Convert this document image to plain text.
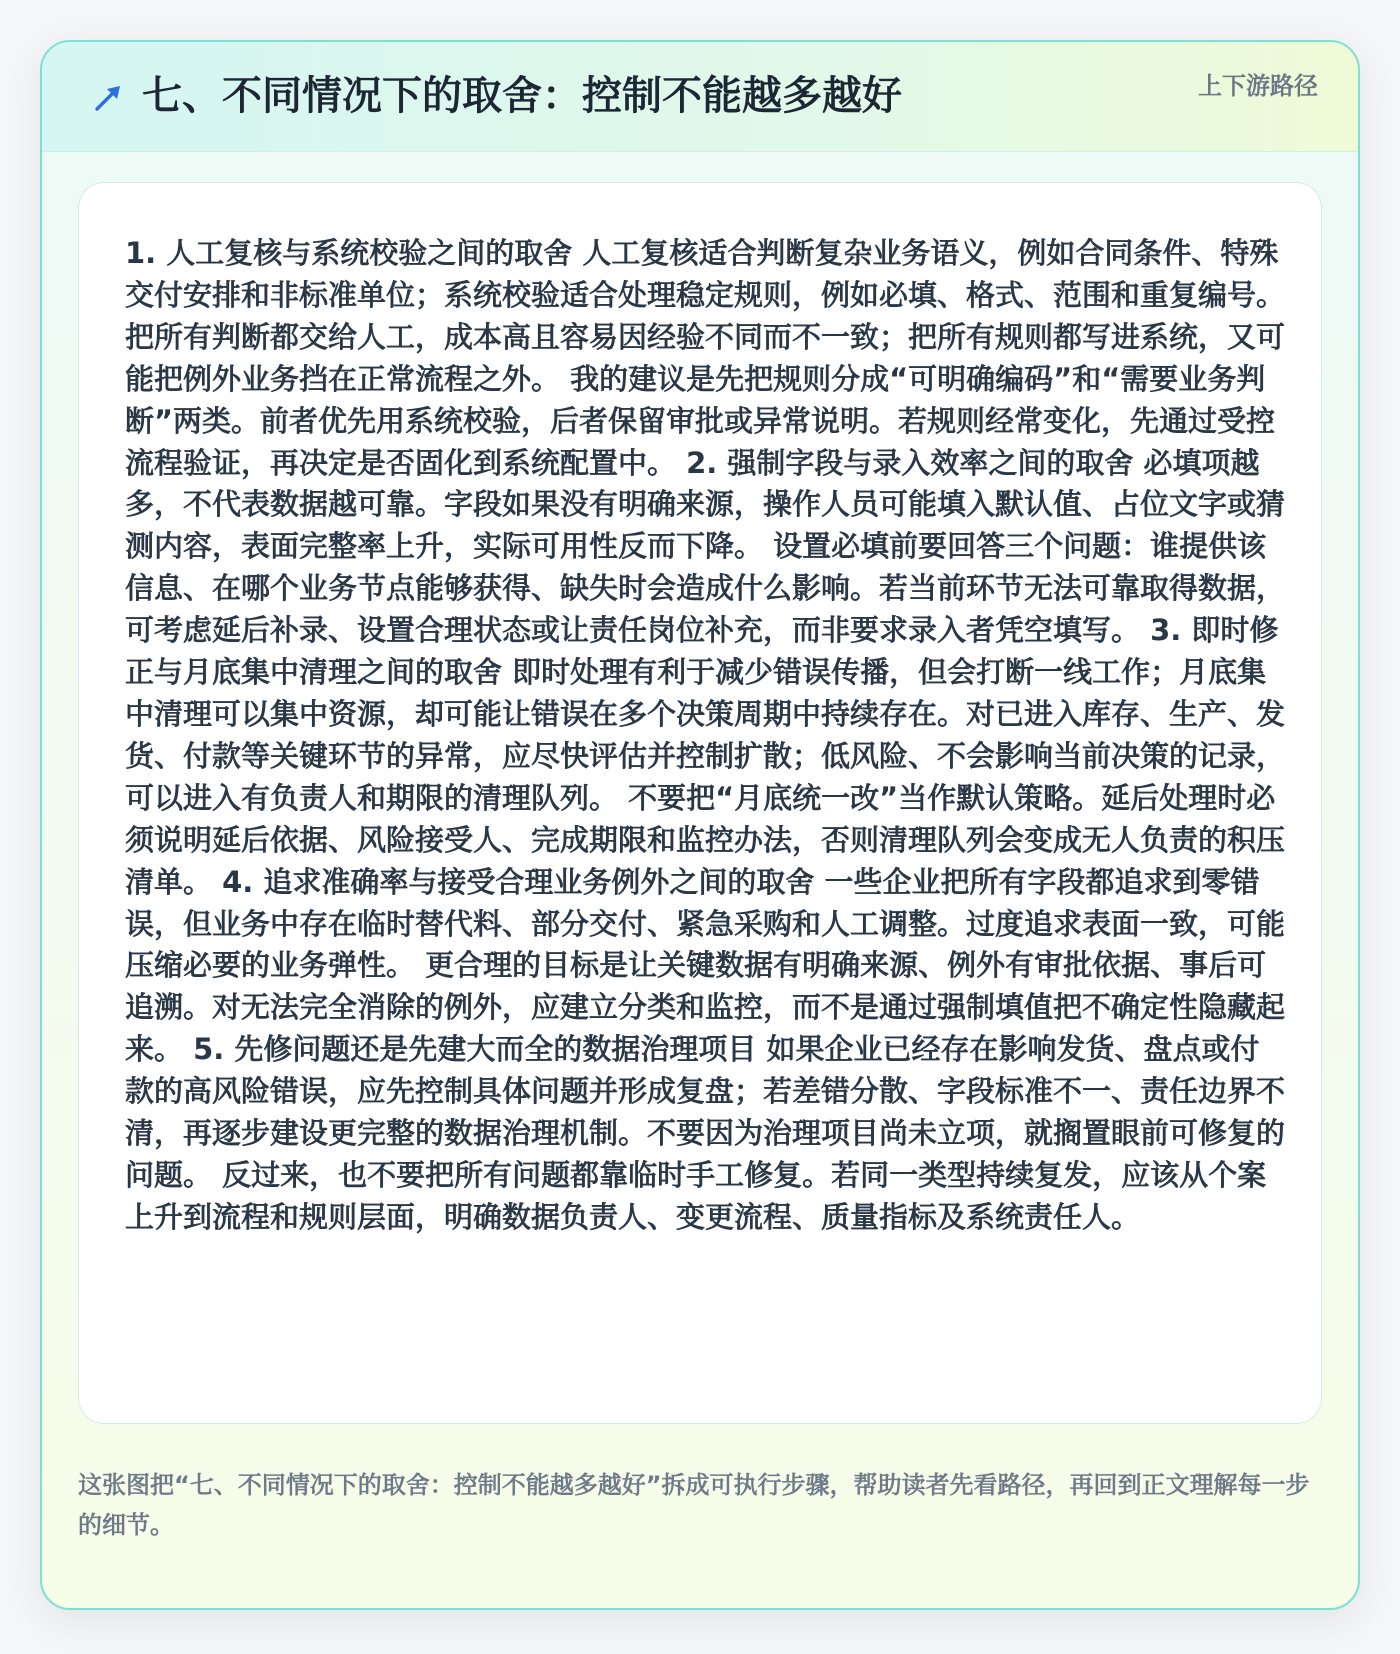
七、不同情况下的取舍：控制不能越多越好	上下游路径
1. 人工复核与系统校验之间的取舍 人工复核适合判断复杂业务语义，例如合同条件、特殊交付安排和非标准单位；系统校验适合处理稳定规则，例如必填、格式、范围和重复编号。把所有判断都交给人工，成本高且容易因经验不同而不一致；把所有规则都写进系统，又可能把例外业务挡在正常流程之外。 我的建议是先把规则分成“可明确编码”和“需要业务判断”两类。前者优先用系统校验，后者保留审批或异常说明。若规则经常变化，先通过受控流程验证，再决定是否固化到系统配置中。 2. 强制字段与录入效率之间的取舍 必填项越多，不代表数据越可靠。字段如果没有明确来源，操作人员可能填入默认值、占位文字或猜测内容，表面完整率上升，实际可用性反而下降。 设置必填前要回答三个问题：谁提供该信息、在哪个业务节点能够获得、缺失时会造成什么影响。若当前环节无法可靠取得数据，可考虑延后补录、设置合理状态或让责任岗位补充，而非要求录入者凭空填写。 3. 即时修正与月底集中清理之间的取舍 即时处理有利于减少错误传播，但会打断一线工作；月底集中清理可以集中资源，却可能让错误在多个决策周期中持续存在。对已进入库存、生产、发货、付款等关键环节的异常，应尽快评估并控制扩散；低风险、不会影响当前决策的记录，可以进入有负责人和期限的清理队列。 不要把“月底统一改”当作默认策略。延后处理时必须说明延后依据、风险接受人、完成期限和监控办法，否则清理队列会变成无人负责的积压清单。 4. 追求准确率与接受合理业务例外之间的取舍 一些企业把所有字段都追求到零错误，但业务中存在临时替代料、部分交付、紧急采购和人工调整。过度追求表面一致，可能压缩必要的业务弹性。 更合理的目标是让关键数据有明确来源、例外有审批依据、事后可追溯。对无法完全消除的例外，应建立分类和监控，而不是通过强制填值把不确定性隐藏起来。 5. 先修问题还是先建大而全的数据治理项目 如果企业已经存在影响发货、盘点或付款的高风险错误，应先控制具体问题并形成复盘；若差错分散、字段标准不一、责任边界不清，再逐步建设更完整的数据治理机制。不要因为治理项目尚未立项，就搁置眼前可修复的问题。 反过来，也不要把所有问题都靠临时手工修复。若同一类型持续复发，应该从个案上升到流程和规则层面，明确数据负责人、变更流程、质量指标及系统责任人。
这张图把“七、不同情况下的取舍：控制不能越多越好”拆成可执行步骤，帮助读者先看路径，再回到正文理解每一步的细节。
